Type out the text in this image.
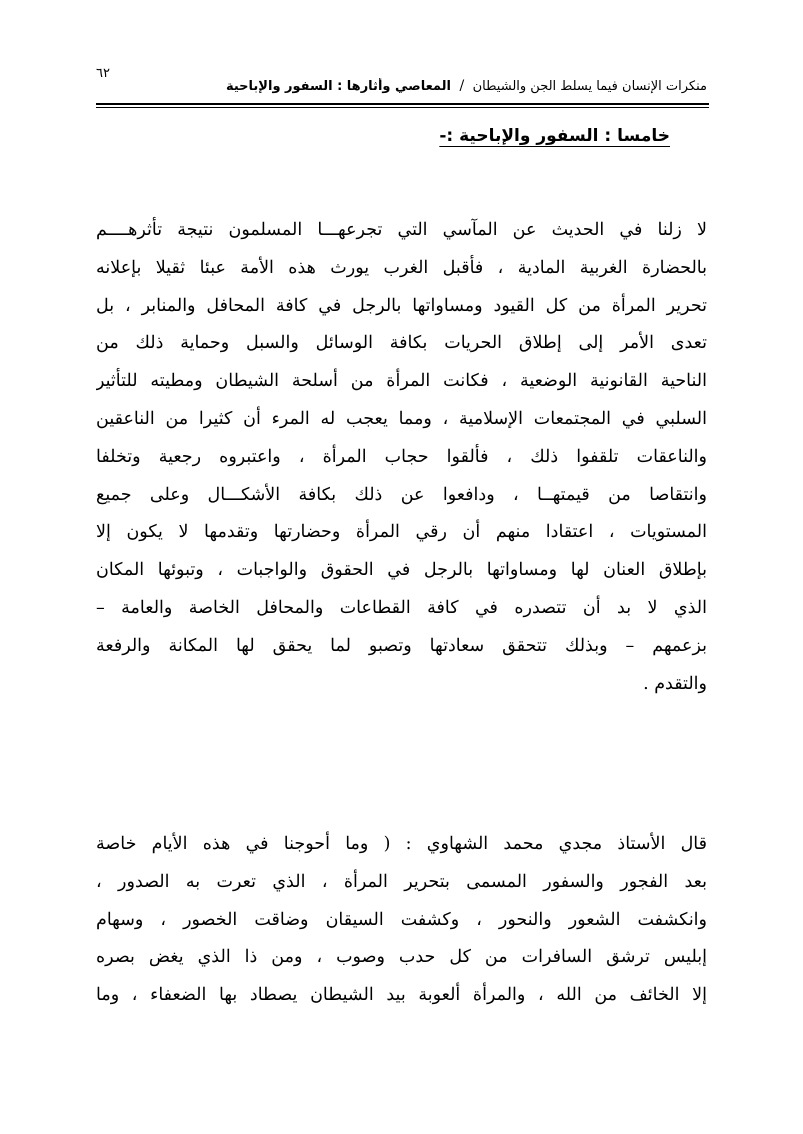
٦٢
منكرات الإنسان فيما يسلط الجن والشيطان / المعاصي وأثارها : السفور والإباحية
خامسا : السفور والإباحية :-
لا زلنا في الحديث عن المآسي التي تجرعهـــا المسلمون نتيجة تأثرهــــم
بالحضارة الغربية المادية ، فأقبل الغرب يورث هذه الأمة عبئا ثقيلا بإعلانه
تحرير المرأة من كل القيود ومساواتها بالرجل في كافة المحافل والمنابر ، بل
تعدى الأمر إلى إطلاق الحريات بكافة الوسائل والسبل وحماية ذلك من
الناحية القانونية الوضعية ، فكانت المرأة من أسلحة الشيطان ومطيته للتأثير
السلبي في المجتمعات الإسلامية ، ومما يعجب له المرء أن كثيرا من الناعقين
والناعقات تلقفوا ذلك ، فألقوا حجاب المرأة ، واعتبروه رجعية وتخلفا
وانتقاصا من قيمتهــا ، ودافعوا عن ذلك بكافة الأشكـــال وعلى جميع
المستويات ، اعتقادا منهم أن رقي المرأة وحضارتها وتقدمها لا يكون إلا
بإطلاق العنان لها ومساواتها بالرجل في الحقوق والواجبات ، وتبوئها المكان
الذي لا بد أن تتصدره في كافة القطاعات والمحافل الخاصة والعامة –
بزعمهم – وبذلك تتحقق سعادتها وتصبو لما يحقق لها المكانة والرفعة
والتقدم .
قال الأستاذ مجدي محمد الشهاوي : ( وما أحوجنا في هذه الأيام خاصة
بعد الفجور والسفور المسمى بتحرير المرأة ، الذي تعرت به الصدور ،
وانكشفت الشعور والنحور ، وكشفت السيقان وضاقت الخصور ، وسهام
إبليس ترشق السافرات من كل حدب وصوب ، ومن ذا الذي يغض بصره
إلا الخائف من الله ، والمرأة ألعوبة بيد الشيطان يصطاد بها الضعفاء ، وما
